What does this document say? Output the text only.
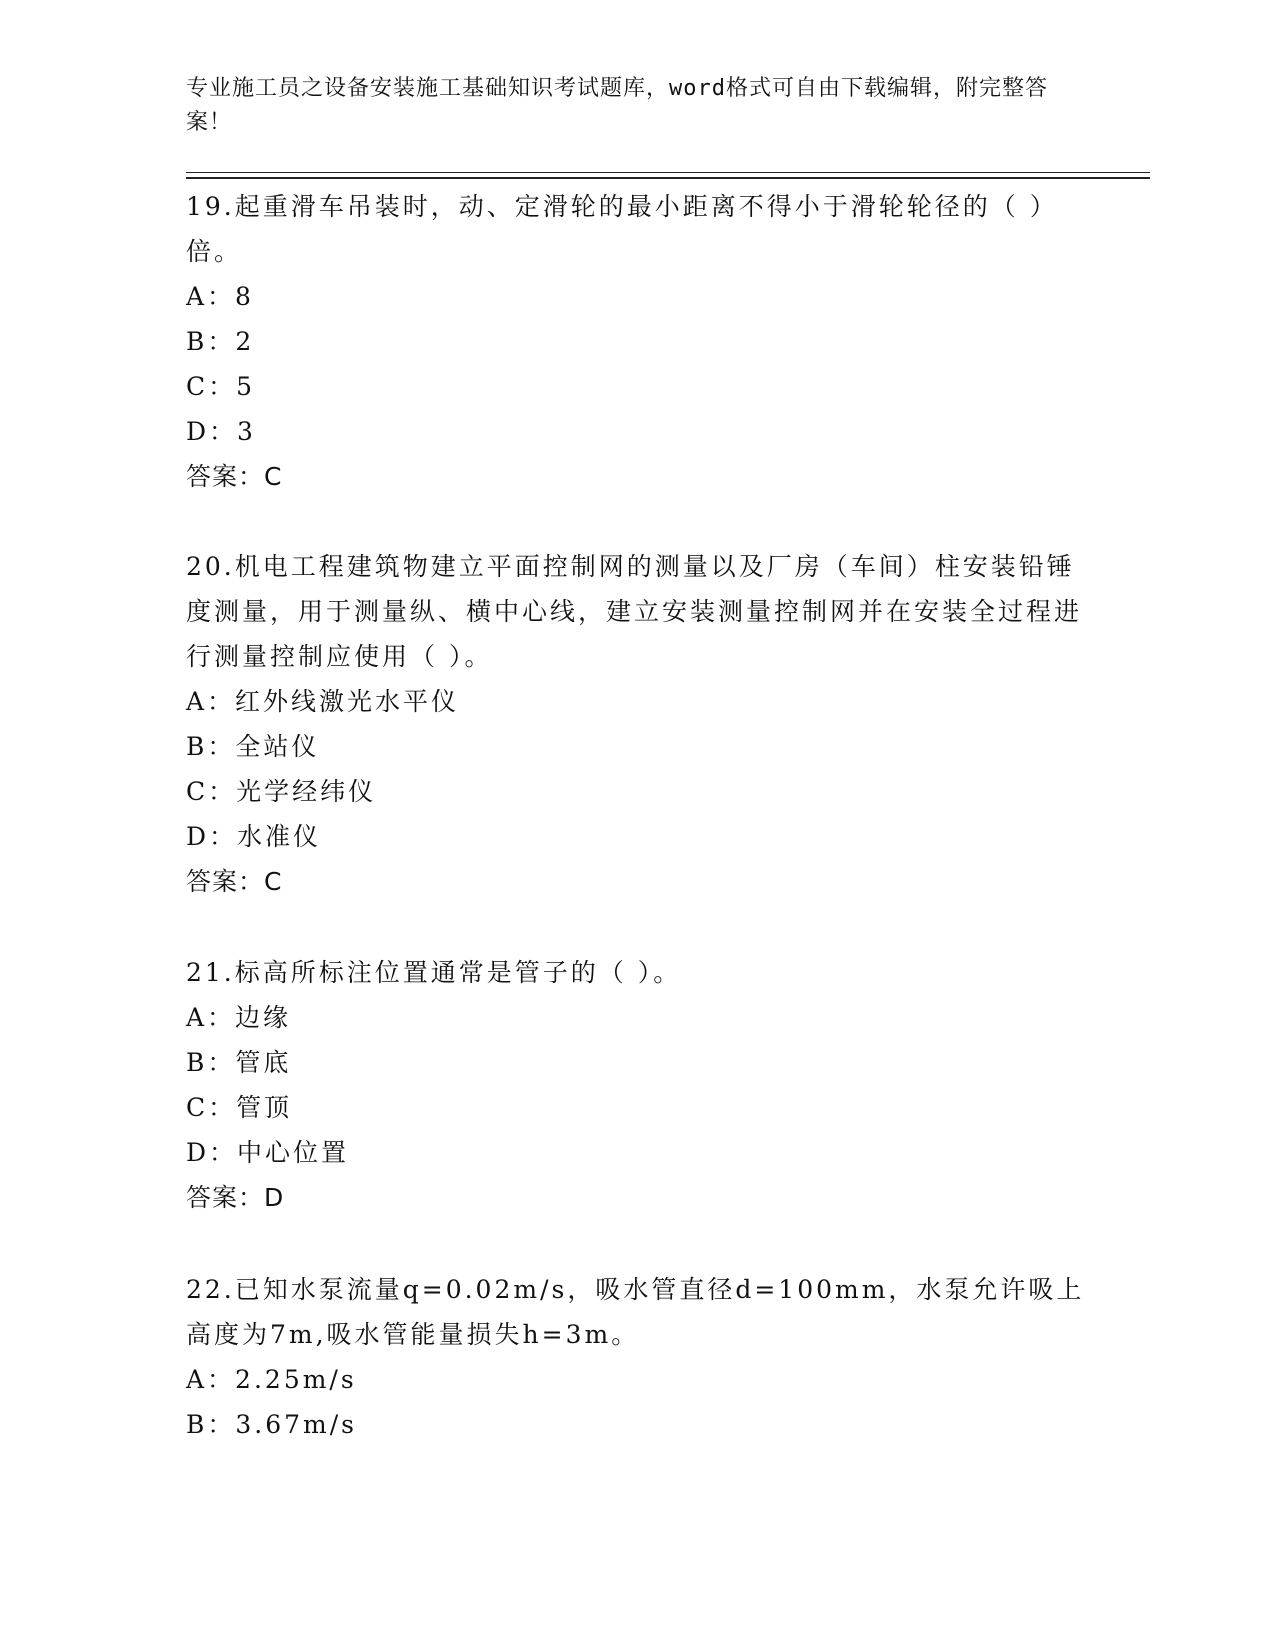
专业施工员之设备安装施工基础知识考试题库，word格式可自由下载编辑，附完整答案！

19.起重滑车吊装时，动、定滑轮的最小距离不得小于滑轮轮径的（ ）倍。

A：8

B：2

C：5

D：3

答案：C

20.机电工程建筑物建立平面控制网的测量以及厂房（车间）柱安装铅锤度测量，用于测量纵、横中心线，建立安装测量控制网并在安装全过程进行测量控制应使用（ ）。

A：红外线激光水平仪

B：全站仪

C：光学经纬仪

D：水准仪

答案：C

21.标高所标注位置通常是管子的（ ）。

A：边缘

B：管底

C：管顶

D：中心位置

答案：D

22.已知水泵流量q=0.02m/s，吸水管直径d=100mm，水泵允许吸上高度为7m,吸水管能量损失h=3m。

A：2.25m/s

B：3.67m/s
